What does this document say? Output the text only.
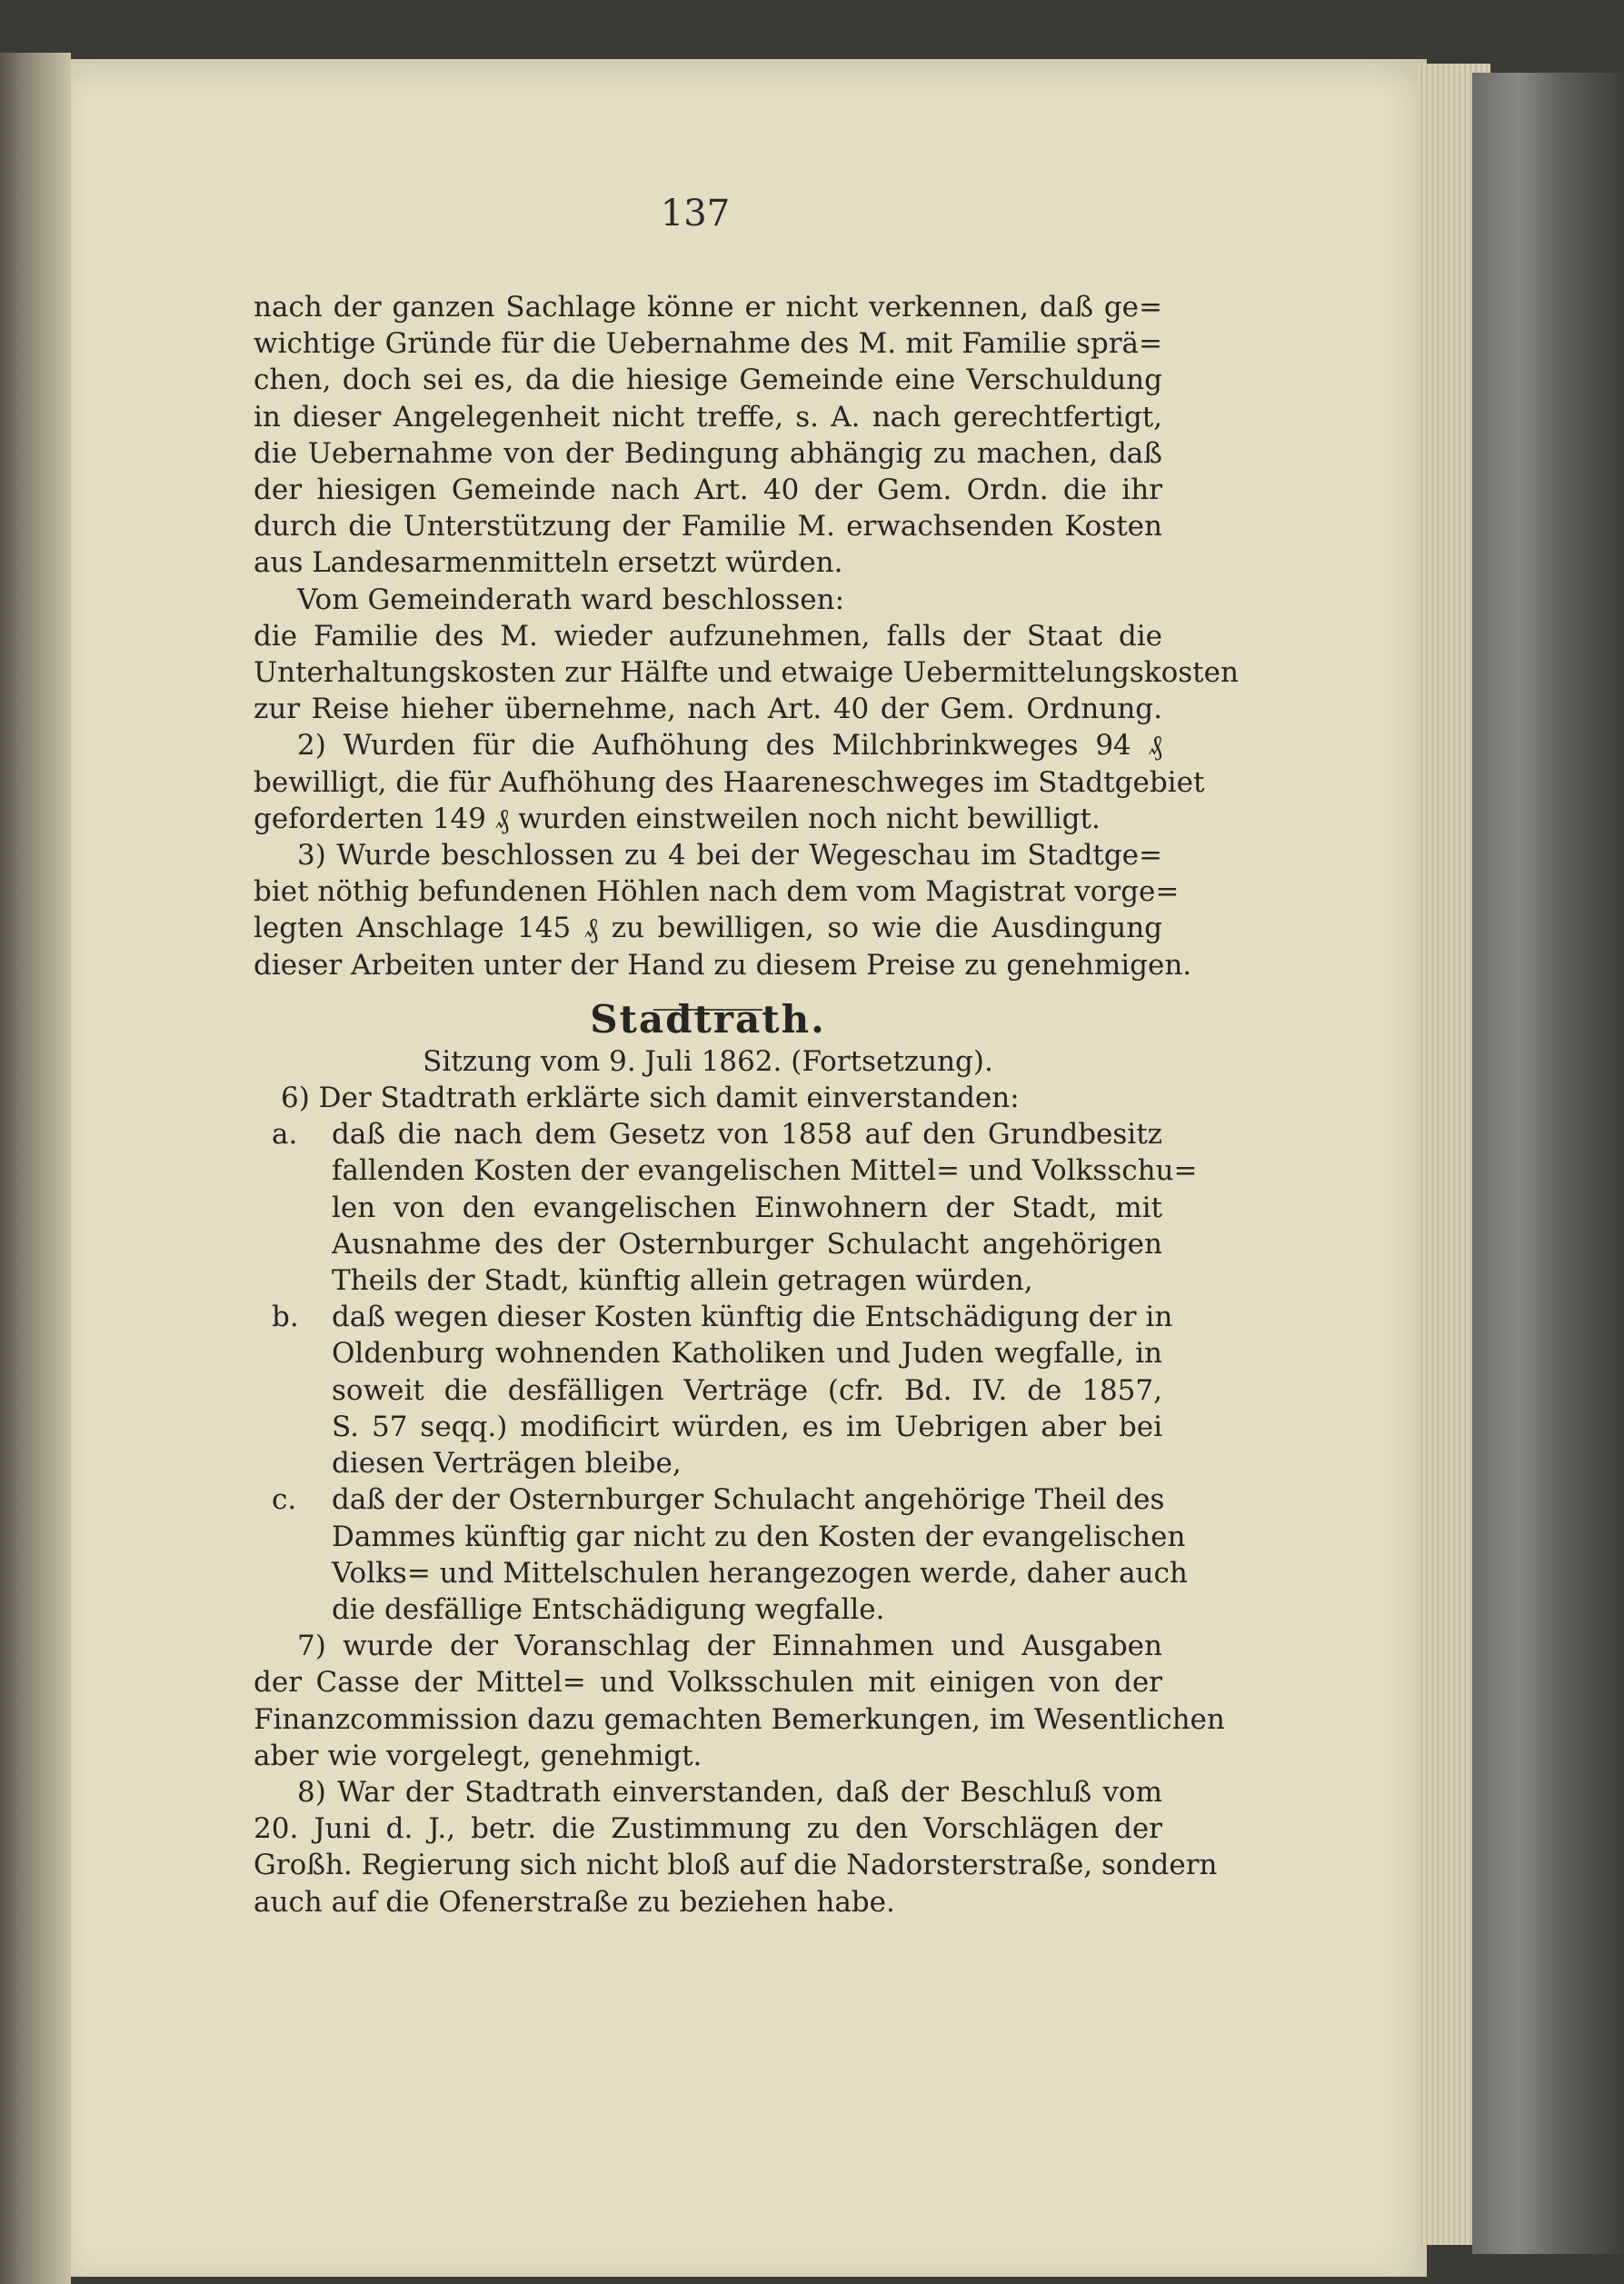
137
nach der ganzen Sachlage könne er nicht verkennen, daß ge=
wichtige Gründe für die Uebernahme des M. mit Familie sprä=
chen, doch sei es, da die hiesige Gemeinde eine Verschuldung
in dieser Angelegenheit nicht treffe, s. A. nach gerechtfertigt,
die Uebernahme von der Bedingung abhängig zu machen, daß
der hiesigen Gemeinde nach Art. 40 der Gem. Ordn. die ihr
durch die Unterstützung der Familie M. erwachsenden Kosten
aus Landesarmenmitteln ersetzt würden.
Vom Gemeinderath ward beschlossen:
die Familie des M. wieder aufzunehmen, falls der Staat die
Unterhaltungskosten zur Hälfte und etwaige Uebermittelungskosten
zur Reise hieher übernehme, nach Art. 40 der Gem. Ordnung.
2) Wurden für die Aufhöhung des Milchbrinkweges 94 ₰
bewilligt, die für Aufhöhung des Haareneschweges im Stadtgebiet
geforderten 149 ₰ wurden einstweilen noch nicht bewilligt.
3) Wurde beschlossen zu 4 bei der Wegeschau im Stadtge=
biet nöthig befundenen Höhlen nach dem vom Magistrat vorge=
legten Anschlage 145 ₰ zu bewilligen, so wie die Ausdingung
dieser Arbeiten unter der Hand zu diesem Preise zu genehmigen.
Stadtrath.
Sitzung vom 9. Juli 1862. (Fortsetzung).
6) Der Stadtrath erklärte sich damit einverstanden:
a. daß die nach dem Gesetz von 1858 auf den Grundbesitz
fallenden Kosten der evangelischen Mittel= und Volksschu=
len von den evangelischen Einwohnern der Stadt, mit
Ausnahme des der Osternburger Schulacht angehörigen
Theils der Stadt, künftig allein getragen würden,
b. daß wegen dieser Kosten künftig die Entschädigung der in
Oldenburg wohnenden Katholiken und Juden wegfalle, in
soweit die desfälligen Verträge (cfr. Bd. IV. de 1857,
S. 57 seqq.) modificirt würden, es im Uebrigen aber bei
diesen Verträgen bleibe,
c. daß der der Osternburger Schulacht angehörige Theil des
Dammes künftig gar nicht zu den Kosten der evangelischen
Volks= und Mittelschulen herangezogen werde, daher auch
die desfällige Entschädigung wegfalle.
7) wurde der Voranschlag der Einnahmen und Ausgaben
der Casse der Mittel= und Volksschulen mit einigen von der
Finanzcommission dazu gemachten Bemerkungen, im Wesentlichen
aber wie vorgelegt, genehmigt.
8) War der Stadtrath einverstanden, daß der Beschluß vom
20. Juni d. J., betr. die Zustimmung zu den Vorschlägen der
Großh. Regierung sich nicht bloß auf die Nadorsterstraße, sondern
auch auf die Ofenerstraße zu beziehen habe.
